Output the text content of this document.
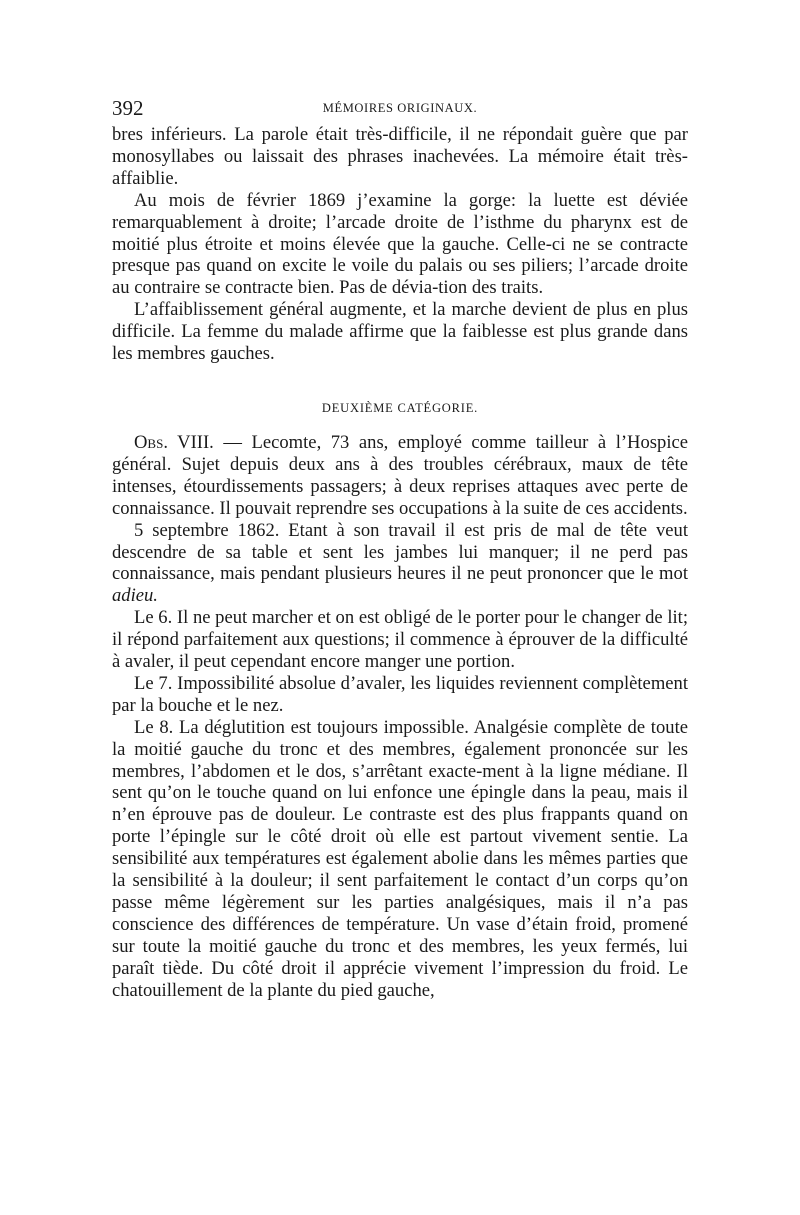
392	MÉMOIRES ORIGINAUX.

bres inférieurs. La parole était très-difficile, il ne répondait guère que par monosyllabes ou laissait des phrases inachevées. La mémoire était très-affaiblie.

Au mois de février 1869 j’examine la gorge: la luette est déviée remarquablement à droite; l’arcade droite de l’isthme du pharynx est de moitié plus étroite et moins élevée que la gauche. Celle-ci ne se contracte presque pas quand on excite le voile du palais ou ses piliers; l’arcade droite au contraire se contracte bien. Pas de dévia-tion des traits.

L’affaiblissement général augmente, et la marche devient de plus en plus difficile. La femme du malade affirme que la faiblesse est plus grande dans les membres gauches.

DEUXIÈME CATÉGORIE.

Obs. VIII. — Lecomte, 73 ans, employé comme tailleur à l’Hospice général. Sujet depuis deux ans à des troubles cérébraux, maux de tête intenses, étourdissements passagers; à deux reprises attaques avec perte de connaissance. Il pouvait reprendre ses occupations à la suite de ces accidents.

5 septembre 1862. Etant à son travail il est pris de mal de tête veut descendre de sa table et sent les jambes lui manquer; il ne perd pas connaissance, mais pendant plusieurs heures il ne peut prononcer que le mot adieu.

Le 6. Il ne peut marcher et on est obligé de le porter pour le changer de lit; il répond parfaitement aux questions; il commence à éprouver de la difficulté à avaler, il peut cependant encore manger une portion.

Le 7. Impossibilité absolue d’avaler, les liquides reviennent complètement par la bouche et le nez.

Le 8. La déglutition est toujours impossible. Analgésie complète de toute la moitié gauche du tronc et des membres, également prononcée sur les membres, l’abdomen et le dos, s’arrêtant exacte-ment à la ligne médiane. Il sent qu’on le touche quand on lui enfonce une épingle dans la peau, mais il n’en éprouve pas de douleur. Le contraste est des plus frappants quand on porte l’épingle sur le côté droit où elle est partout vivement sentie. La sensibilité aux températures est également abolie dans les mêmes parties que la sensibilité à la douleur; il sent parfaitement le contact d’un corps qu’on passe même légèrement sur les parties analgésiques, mais il n’a pas conscience des différences de température. Un vase d’étain froid, promené sur toute la moitié gauche du tronc et des membres, les yeux fermés, lui paraît tiède. Du côté droit il apprécie vivement l’impression du froid. Le chatouillement de la plante du pied gauche,
